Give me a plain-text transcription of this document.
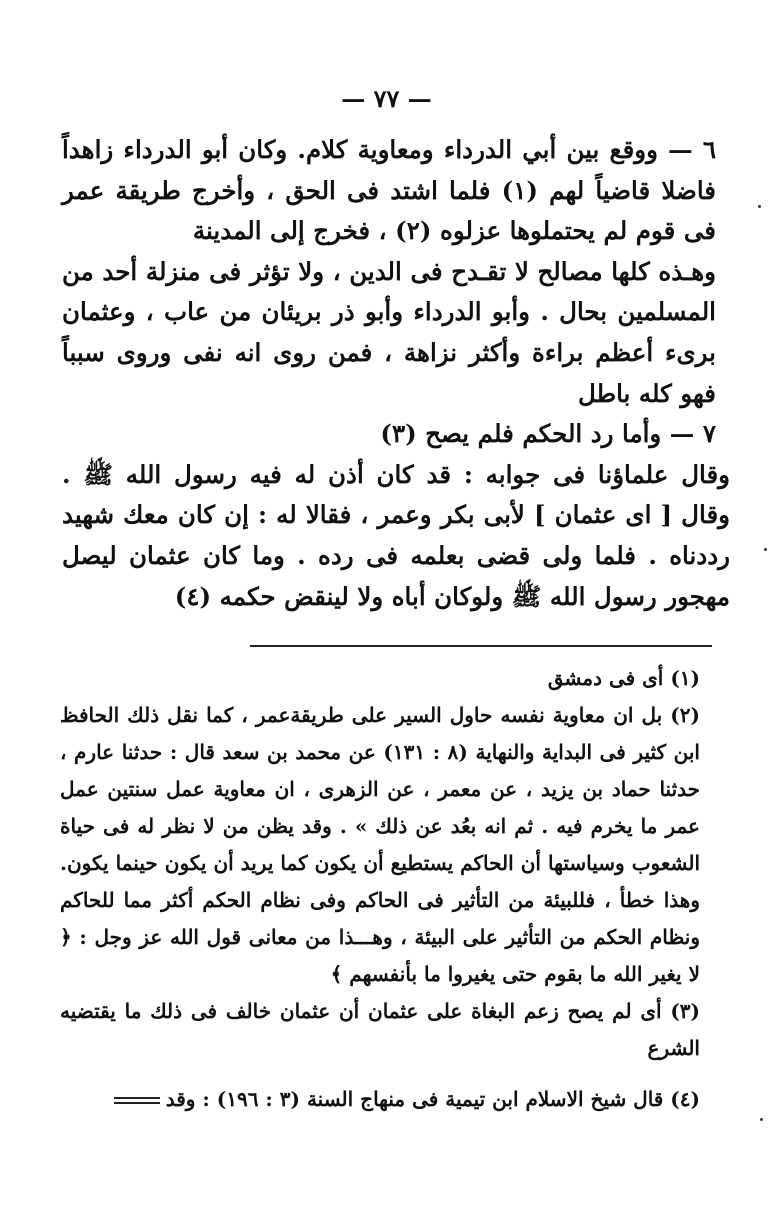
— ٧٧ —

٦ — ووقع بين أبي الدرداء ومعاوية كلام. وكان أبو الدرداء زاهداً فاضلا قاضياً لهم (١) فلما اشتد فى الحق ، وأخرج طريقة عمر فى قوم لم يحتملوها عزلوه (٢) ، فخرج إلى المدينة

وهـذه كلها مصالح لا تقـدح فى الدين ، ولا تؤثر فى منزلة أحد من المسلمين بحال . وأبو الدرداء وأبو ذر بريئان من عاب ، وعثمان برىء أعظم براءة وأكثر نزاهة ، فمن روى انه نفى وروى سبباً فهو كله باطل

٧ — وأما رد الحكم فلم يصح (٣)

وقال علماؤنا فى جوابه : قد كان أذن له فيه رسول الله ﷺ . وقال [ اى عثمان ] لأبى بكر وعمر ، فقالا له : إن كان معك شهيد رددناه . فلما ولى قضى بعلمه فى رده . وما كان عثمان ليصل مهجور رسول الله ﷺ ولوكان أباه ولا لينقض حكمه (٤)

(١) أى فى دمشق

(٢) بل ان معاوية نفسه حاول السير على طريقةعمر ، كما نقل ذلك الحافظ ابن كثير فى البداية والنهاية (٨ : ١٣١) عن محمد بن سعد قال : حدثنا عارم ، حدثنا حماد بن يزيد ، عن معمر ، عن الزهرى ، ان معاوية عمل سنتين عمل عمر ما يخرم فيه . ثم انه بعُد عن ذلك » . وقد يظن من لا نظر له فى حياة الشعوب وسياستها أن الحاكم يستطيع أن يكون كما يريد أن يكون حينما يكون. وهذا خطأ ، فللبيئة من التأثير فى الحاكم وفى نظام الحكم أكثر مما للحاكم ونظام الحكم من التأثير على البيئة ، وهـــذا من معانى قول الله عز وجل : ﴿ لا يغير الله ما بقوم حتى يغيروا ما بأنفسهم ﴾

(٣) أى لم يصح زعم البغاة على عثمان أن عثمان خالف فى ذلك ما يقتضيه الشرع

(٤) قال شيخ الاسلام ابن تيمية فى منهاج السنة (٣ : ١٩٦) : وقد
